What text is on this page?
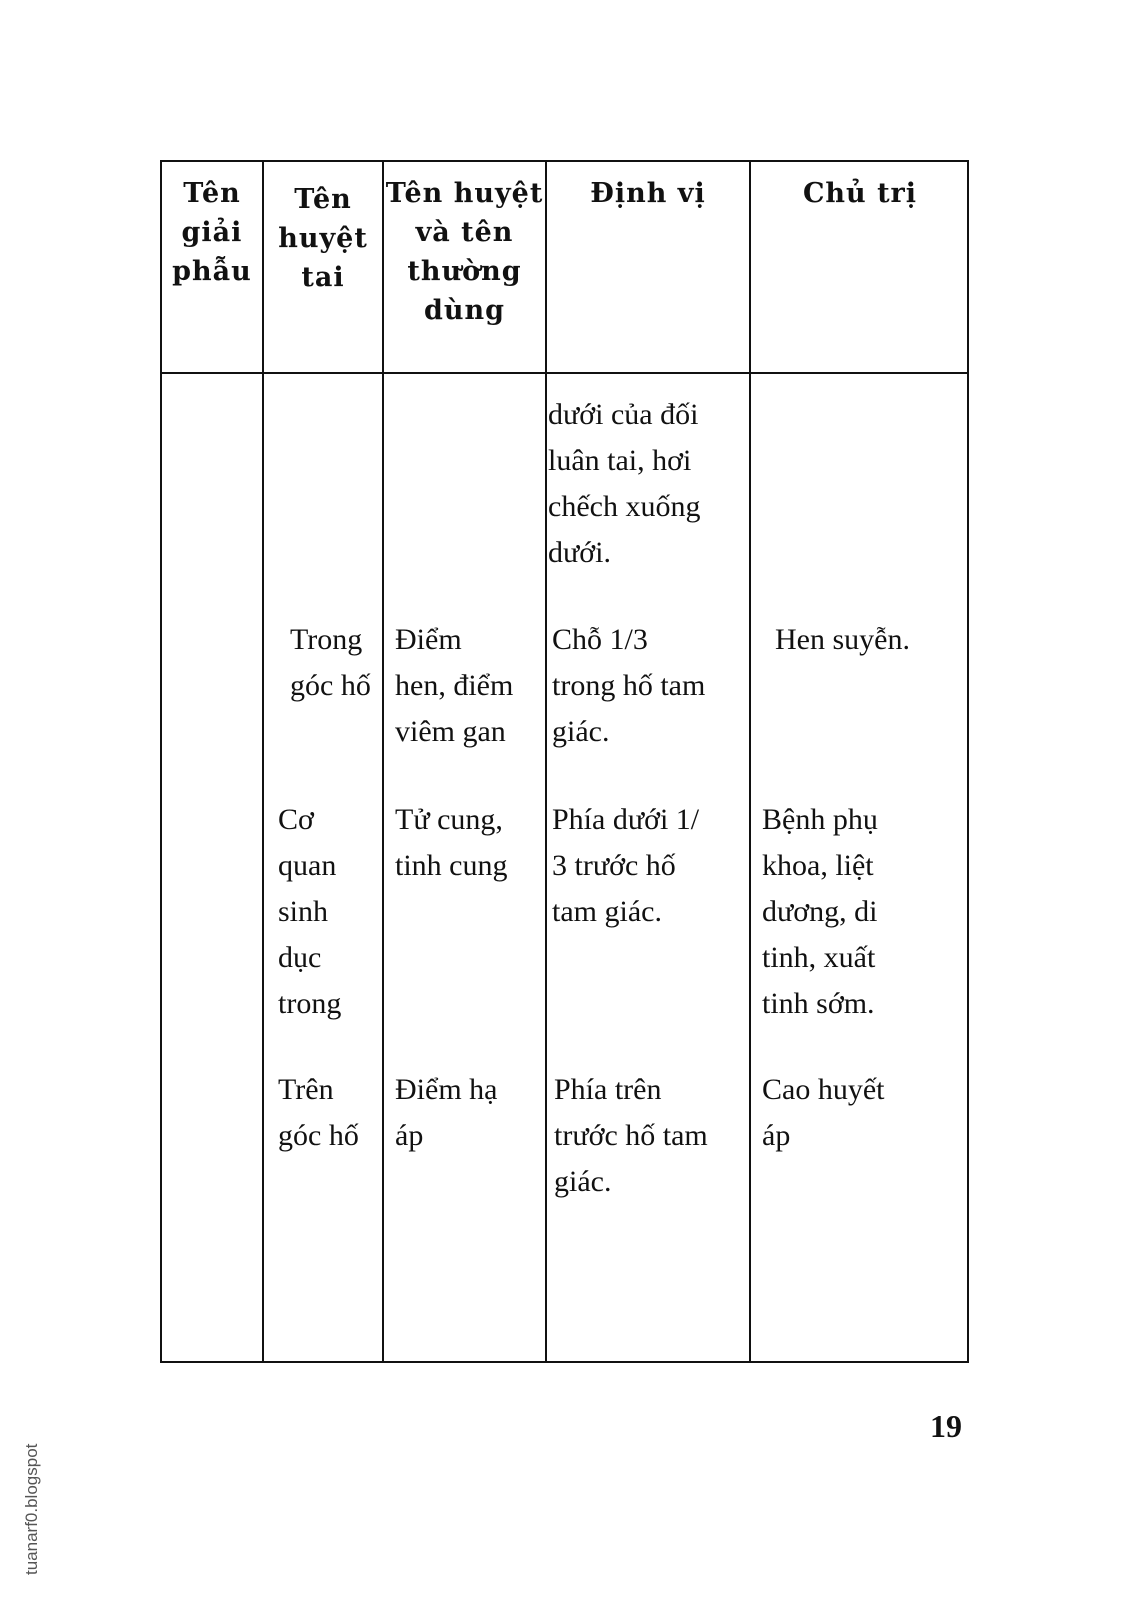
Tên giải phẫu
Tên huyệt tai
Tên huyệt và tên thường dùng
Định vị	Chủ trị
dưới của đối
luân tai, hơi
chếch xuống
dưới.
Trong
góc hố
Điểm
hen, điểm
viêm gan
Chỗ 1/3
trong hố tam
giác.
Hen suyễn.
Cơ
quan
sinh
dục
trong
Tử cung,
tinh cung
Phía dưới 1/
3 trước hố
tam giác.
Bệnh phụ
khoa, liệt
dương, di
tinh, xuất
tinh sớm.
Trên
góc hố
Điểm hạ
áp
Phía trên
trước hố tam
giác.
Cao huyết
áp
19
tuanarf0.blogspot
